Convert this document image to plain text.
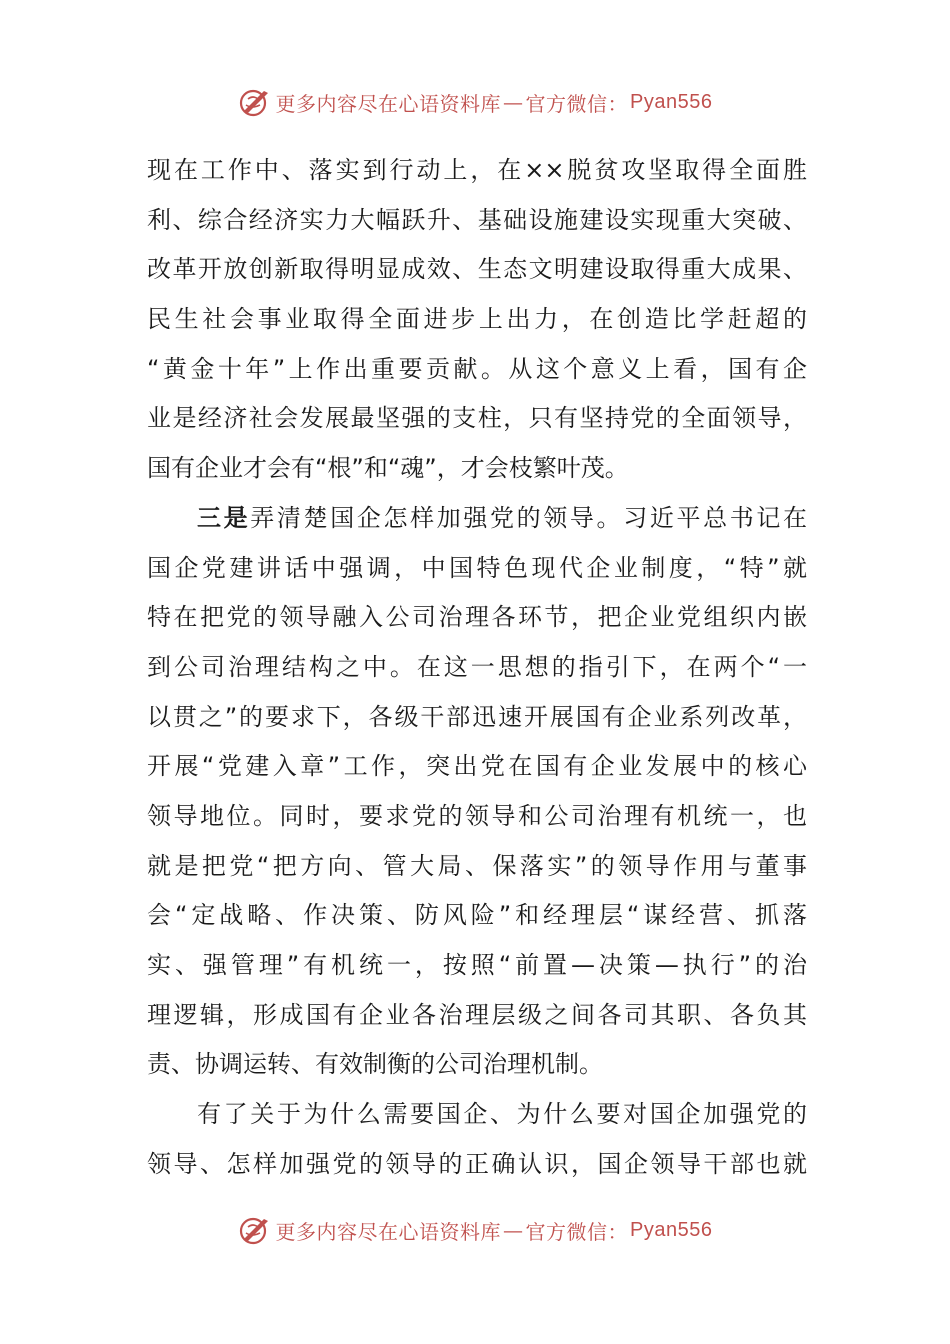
更多内容尽在心语资料库 — 官方微信： Pyan556
现在工作中、落实到行动上，在××脱贫攻坚取得全面胜
利、综合经济实力大幅跃升、基础设施建设实现重大突破、
改革开放创新取得明显成效、生态文明建设取得重大成果、
民生社会事业取得全面进步上出力，在创造比学赶超的
“黄金十年”上作出重要贡献。从这个意义上看，国有企
业是经济社会发展最坚强的支柱，只有坚持党的全面领导，
国有企业才会有“根”和“魂”，才会枝繁叶茂。
三是弄清楚国企怎样加强党的领导。习近平总书记在
国企党建讲话中强调，中国特色现代企业制度，“特”就
特在把党的领导融入公司治理各环节，把企业党组织内嵌
到公司治理结构之中。在这一思想的指引下，在两个“一
以贯之”的要求下，各级干部迅速开展国有企业系列改革，
开展“党建入章”工作，突出党在国有企业发展中的核心
领导地位。同时，要求党的领导和公司治理有机统一，也
就是把党“把方向、管大局、保落实”的领导作用与董事
会“定战略、作决策、防风险”和经理层“谋经营、抓落
实、强管理”有机统一，按照“前置—决策—执行”的治
理逻辑，形成国有企业各治理层级之间各司其职、各负其
责、协调运转、有效制衡的公司治理机制。
有了关于为什么需要国企、为什么要对国企加强党的
领导、怎样加强党的领导的正确认识，国企领导干部也就
更多内容尽在心语资料库 — 官方微信： Pyan556
